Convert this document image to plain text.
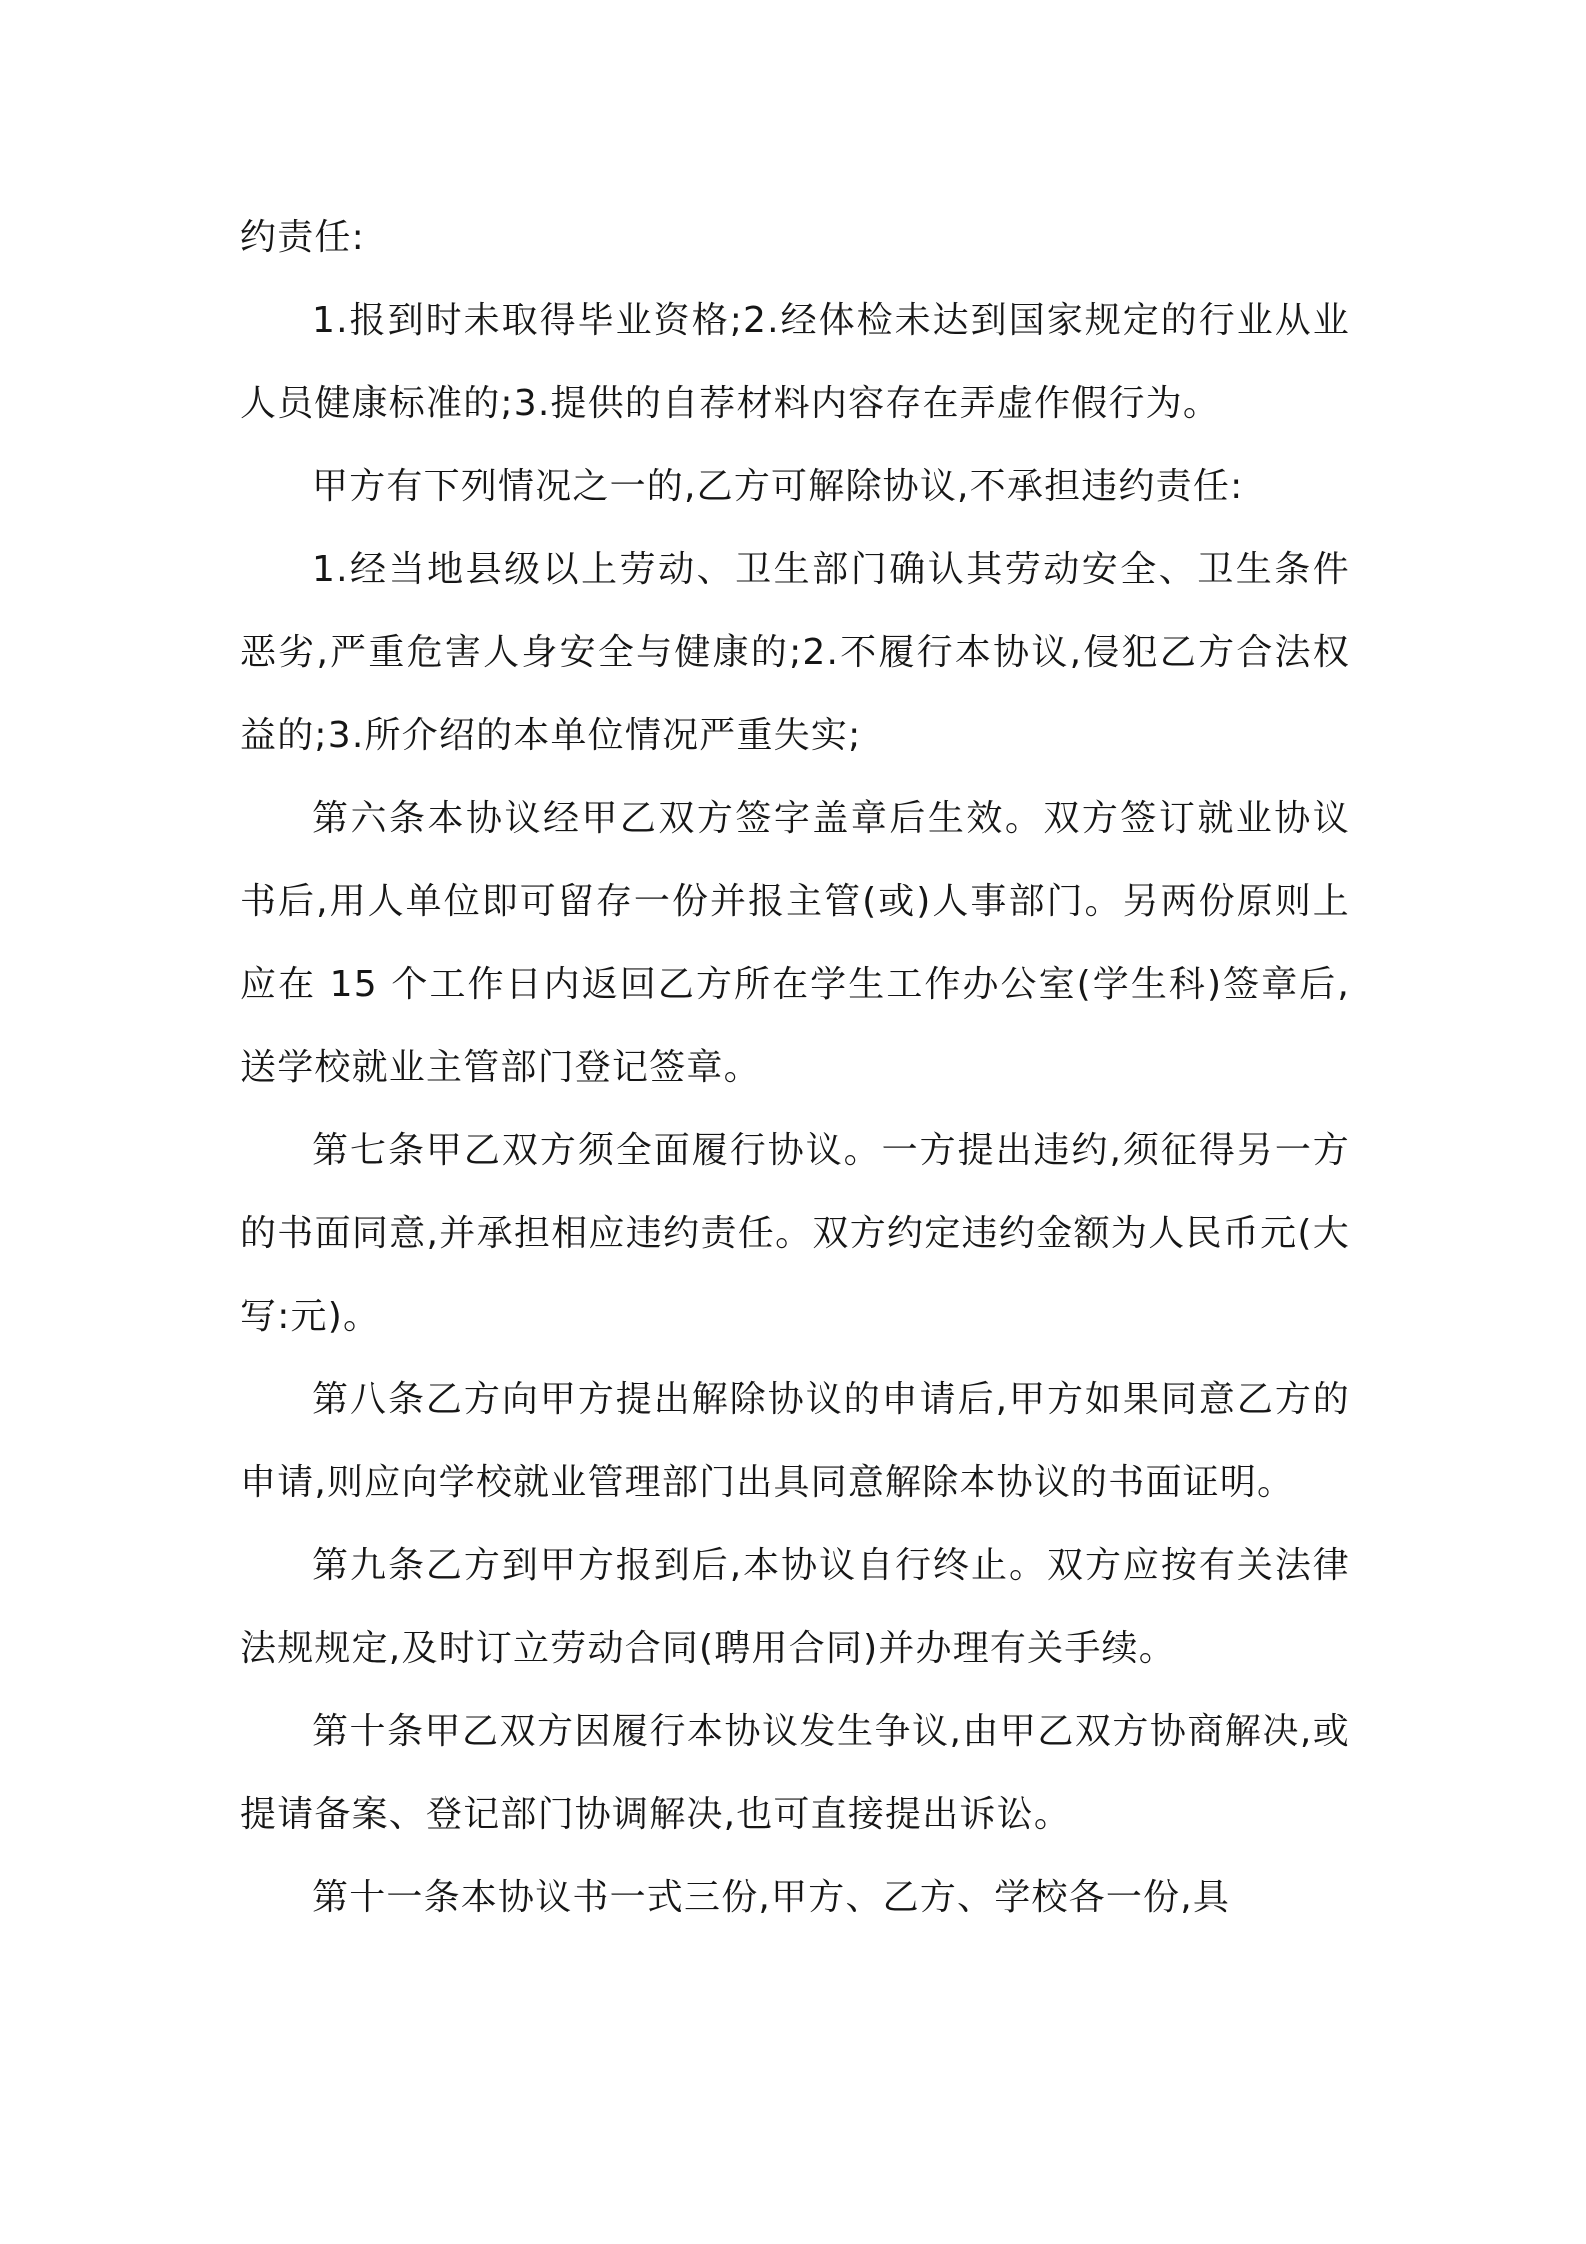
约责任:

1.报到时未取得毕业资格;2.经体检未达到国家规定的行业从业人员健康标准的;3.提供的自荐材料内容存在弄虚作假行为。

甲方有下列情况之一的,乙方可解除协议,不承担违约责任:

1.经当地县级以上劳动、卫生部门确认其劳动安全、卫生条件恶劣,严重危害人身安全与健康的;2.不履行本协议,侵犯乙方合法权益的;3.所介绍的本单位情况严重失实;

第六条本协议经甲乙双方签字盖章后生效。双方签订就业协议书后,用人单位即可留存一份并报主管(或)人事部门。另两份原则上应在 15 个工作日内返回乙方所在学生工作办公室(学生科)签章后,送学校就业主管部门登记签章。

第七条甲乙双方须全面履行协议。一方提出违约,须征得另一方的书面同意,并承担相应违约责任。双方约定违约金额为人民币元(大写:元)。

第八条乙方向甲方提出解除协议的申请后,甲方如果同意乙方的申请,则应向学校就业管理部门出具同意解除本协议的书面证明。

第九条乙方到甲方报到后,本协议自行终止。双方应按有关法律法规规定,及时订立劳动合同(聘用合同)并办理有关手续。

第十条甲乙双方因履行本协议发生争议,由甲乙双方协商解决,或提请备案、登记部门协调解决,也可直接提出诉讼。

第十一条本协议书一式三份,甲方、乙方、学校各一份,具
